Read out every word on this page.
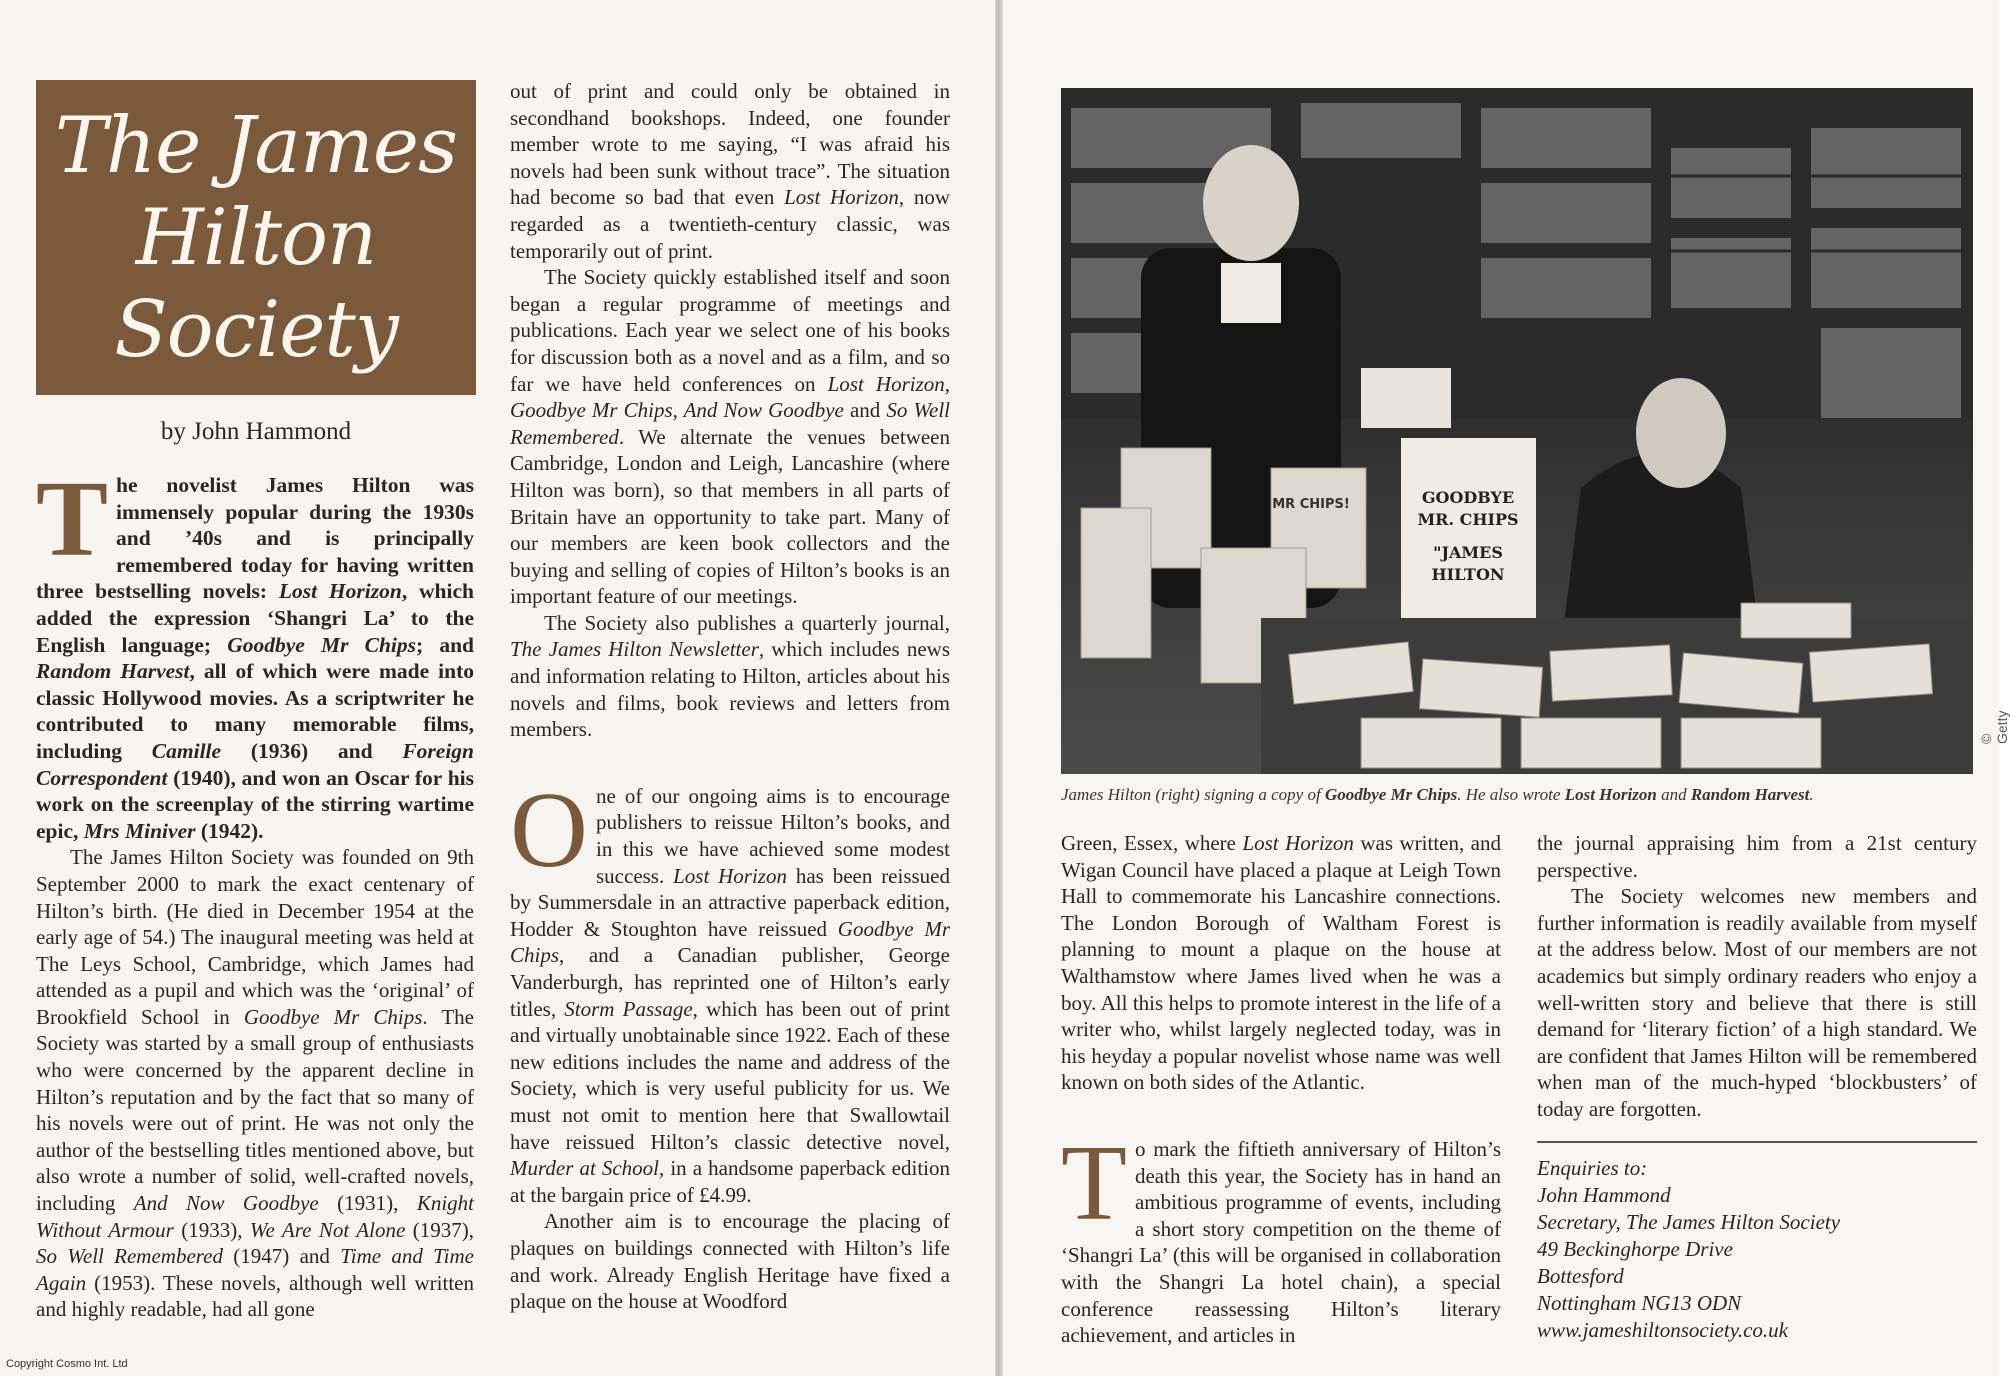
The James
Hilton
Society
by John Hammond

The novelist James Hilton was immensely popular during the 1930s and ’40s and is principally remembered today for having written three bestselling novels: Lost Horizon, which added the expression ‘Shangri La’ to the English language; Goodbye Mr Chips; and Random Harvest, all of which were made into classic Hollywood movies. As a scriptwriter he contributed to many memorable films, including Camille (1936) and Foreign Correspondent (1940), and won an Oscar for his work on the screenplay of the stirring wartime epic, Mrs Miniver (1942).

The James Hilton Society was founded on 9th September 2000 to mark the exact centenary of Hilton’s birth. (He died in December 1954 at the early age of 54.) The inaugural meeting was held at The Leys School, Cambridge, which James had attended as a pupil and which was the ‘original’ of Brookfield School in Goodbye Mr Chips. The Society was started by a small group of enthusiasts who were concerned by the apparent decline in Hilton’s reputation and by the fact that so many of his novels were out of print. He was not only the author of the bestselling titles mentioned above, but also wrote a number of solid, well-crafted novels, including And Now Goodbye (1931), Knight Without Armour (1933), We Are Not Alone (1937), So Well Remembered (1947) and Time and Time Again (1953). These novels, although well written and highly readable, had all gone

out of print and could only be obtained in secondhand bookshops. Indeed, one founder member wrote to me saying, “I was afraid his novels had been sunk without trace”. The situation had become so bad that even Lost Horizon, now regarded as a twentieth-century classic, was temporarily out of print.

The Society quickly established itself and soon began a regular programme of meetings and publications. Each year we select one of his books for discussion both as a novel and as a film, and so far we have held conferences on Lost Horizon, Goodbye Mr Chips, And Now Goodbye and So Well Remembered. We alternate the venues between Cambridge, London and Leigh, Lancashire (where Hilton was born), so that members in all parts of Britain have an opportunity to take part. Many of our members are keen book collectors and the buying and selling of copies of Hilton’s books is an important feature of our meetings.

The Society also publishes a quarterly journal, The James Hilton Newsletter, which includes news and information relating to Hilton, articles about his novels and films, book reviews and letters from members.

One of our ongoing aims is to encourage publishers to reissue Hilton’s books, and in this we have achieved some modest success. Lost Horizon has been reissued by Summersdale in an attractive paperback edition, Hodder & Stoughton have reissued Goodbye Mr Chips, and a Canadian publisher, George Vanderburgh, has reprinted one of Hilton’s early titles, Storm Passage, which has been out of print and virtually unobtainable since 1922. Each of these new editions includes the name and address of the Society, which is very useful publicity for us. We must not omit to mention here that Swallowtail have reissued Hilton’s classic detective novel, Murder at School, in a handsome paperback edition at the bargain price of £4.99.

Another aim is to encourage the placing of plaques on buildings connected with Hilton’s life and work. Already English Heritage have fixed a plaque on the house at Woodford

GOODBYE
MR. CHIPS
"JAMES
HILTON
MR CHIPS!
© Getty
James Hilton (right) signing a copy of Goodbye Mr Chips. He also wrote Lost Horizon and Random Harvest.

Green, Essex, where Lost Horizon was written, and Wigan Council have placed a plaque at Leigh Town Hall to commemorate his Lancashire connections. The London Borough of Waltham Forest is planning to mount a plaque on the house at Walthamstow where James lived when he was a boy. All this helps to promote interest in the life of a writer who, whilst largely neglected today, was in his heyday a popular novelist whose name was well known on both sides of the Atlantic.

To mark the fiftieth anniversary of Hilton’s death this year, the Society has in hand an ambitious programme of events, including a short story competition on the theme of ‘Shangri La’ (this will be organised in collaboration with the Shangri La hotel chain), a special conference reassessing Hilton’s literary achievement, and articles in

the journal appraising him from a 21st century perspective.

The Society welcomes new members and further information is readily available from myself at the address below. Most of our members are not academics but simply ordinary readers who enjoy a well-written story and believe that there is still demand for ‘literary fiction’ of a high standard. We are confident that James Hilton will be remembered when man of the much-hyped ‘blockbusters’ of today are forgotten.

Enquiries to:
John Hammond
Secretary, The James Hilton Society
49 Beckinghorpe Drive
Bottesford
Nottingham NG13 ODN
www.jameshiltonsociety.co.uk
Copyright Cosmo Int. Ltd
